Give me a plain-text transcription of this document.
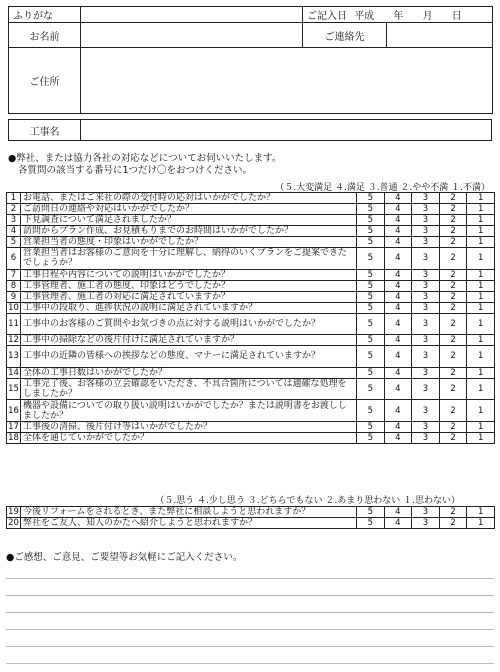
ふりがな		ご記入日 平成 年 月 日	
お名前		ご連絡先	
ご住所			
工事名	
●弊社、または協力各社の対応などについてお伺いいたします。
各質問の該当する番号に1つだけ〇をおつけください。
（５.大変満足 ４.満足 ３.普通 ２.やや不満 １.不満）
1	お電話、またはご来社の際の受付時の応対はいかがでしたか？	5	4	3	2	1
2	ご訪問日の連絡や対応はいかがでしたか？	5	4	3	2	1
3	下見調査について満足されましたか？	5	4	3	2	1
4	訪問からプラン作成、お見積もりまでのお時間はいかがでしたか？	5	4	3	2	1
5	営業担当者の態度・印象はいかがでしたか？	5	4	3	2	1
6	営業担当者はお客様のご意向を十分に理解し、納得のいくプランをご提案できたでしょうか？	5	4	3	2	1
7	工事日程や内容についての説明はいかがでしたか？	5	4	3	2	1
8	工事管理者、施工者の態度、印象はどうでしたか？	5	4	3	2	1
9	工事管理者、施工者の対応に満足されていますか？	5	4	3	2	1
10	工事中の段取り、進捗状況の説明に満足されていますか？	5	4	3	2	1
11	工事中のお客様のご質問やお気づきの点に対する説明はいかがでしたか？	5	4	3	2	1
12	工事中の掃除などの後片付けに満足されていますか？	5	4	3	2	1
13	工事中の近隣の皆様への挨拶などの態度、マナーに満足されていますか？	5	4	3	2	1
14	全体の工事日数はいかがでしたか？	5	4	3	2	1
15	工事完了後、お客様の立会確認をいただき、不具合箇所については適確な処理をしましたか？	5	4	3	2	1
16	機器や設備についての取り扱い説明はいかがでしたか？または説明書をお渡ししましたか？	5	4	3	2	1
17	工事後の清掃、後片付け等はいかがでしたか？	5	4	3	2	1
18	全体を通じていかがでしたか？	5	4	3	2	1
（５.思う ４.少し思う ３.どちらでもない ２.あまり思わない １.思わない）
19	今後リフォームをされるとき、また弊社に相談しようと思われますか？	5	4	3	2	1
20	弊社をご友人、知人のかたへ紹介しようと思われますか？	5	4	3	2	1
●ご感想、ご意見、ご要望等お気軽にご記入ください。
